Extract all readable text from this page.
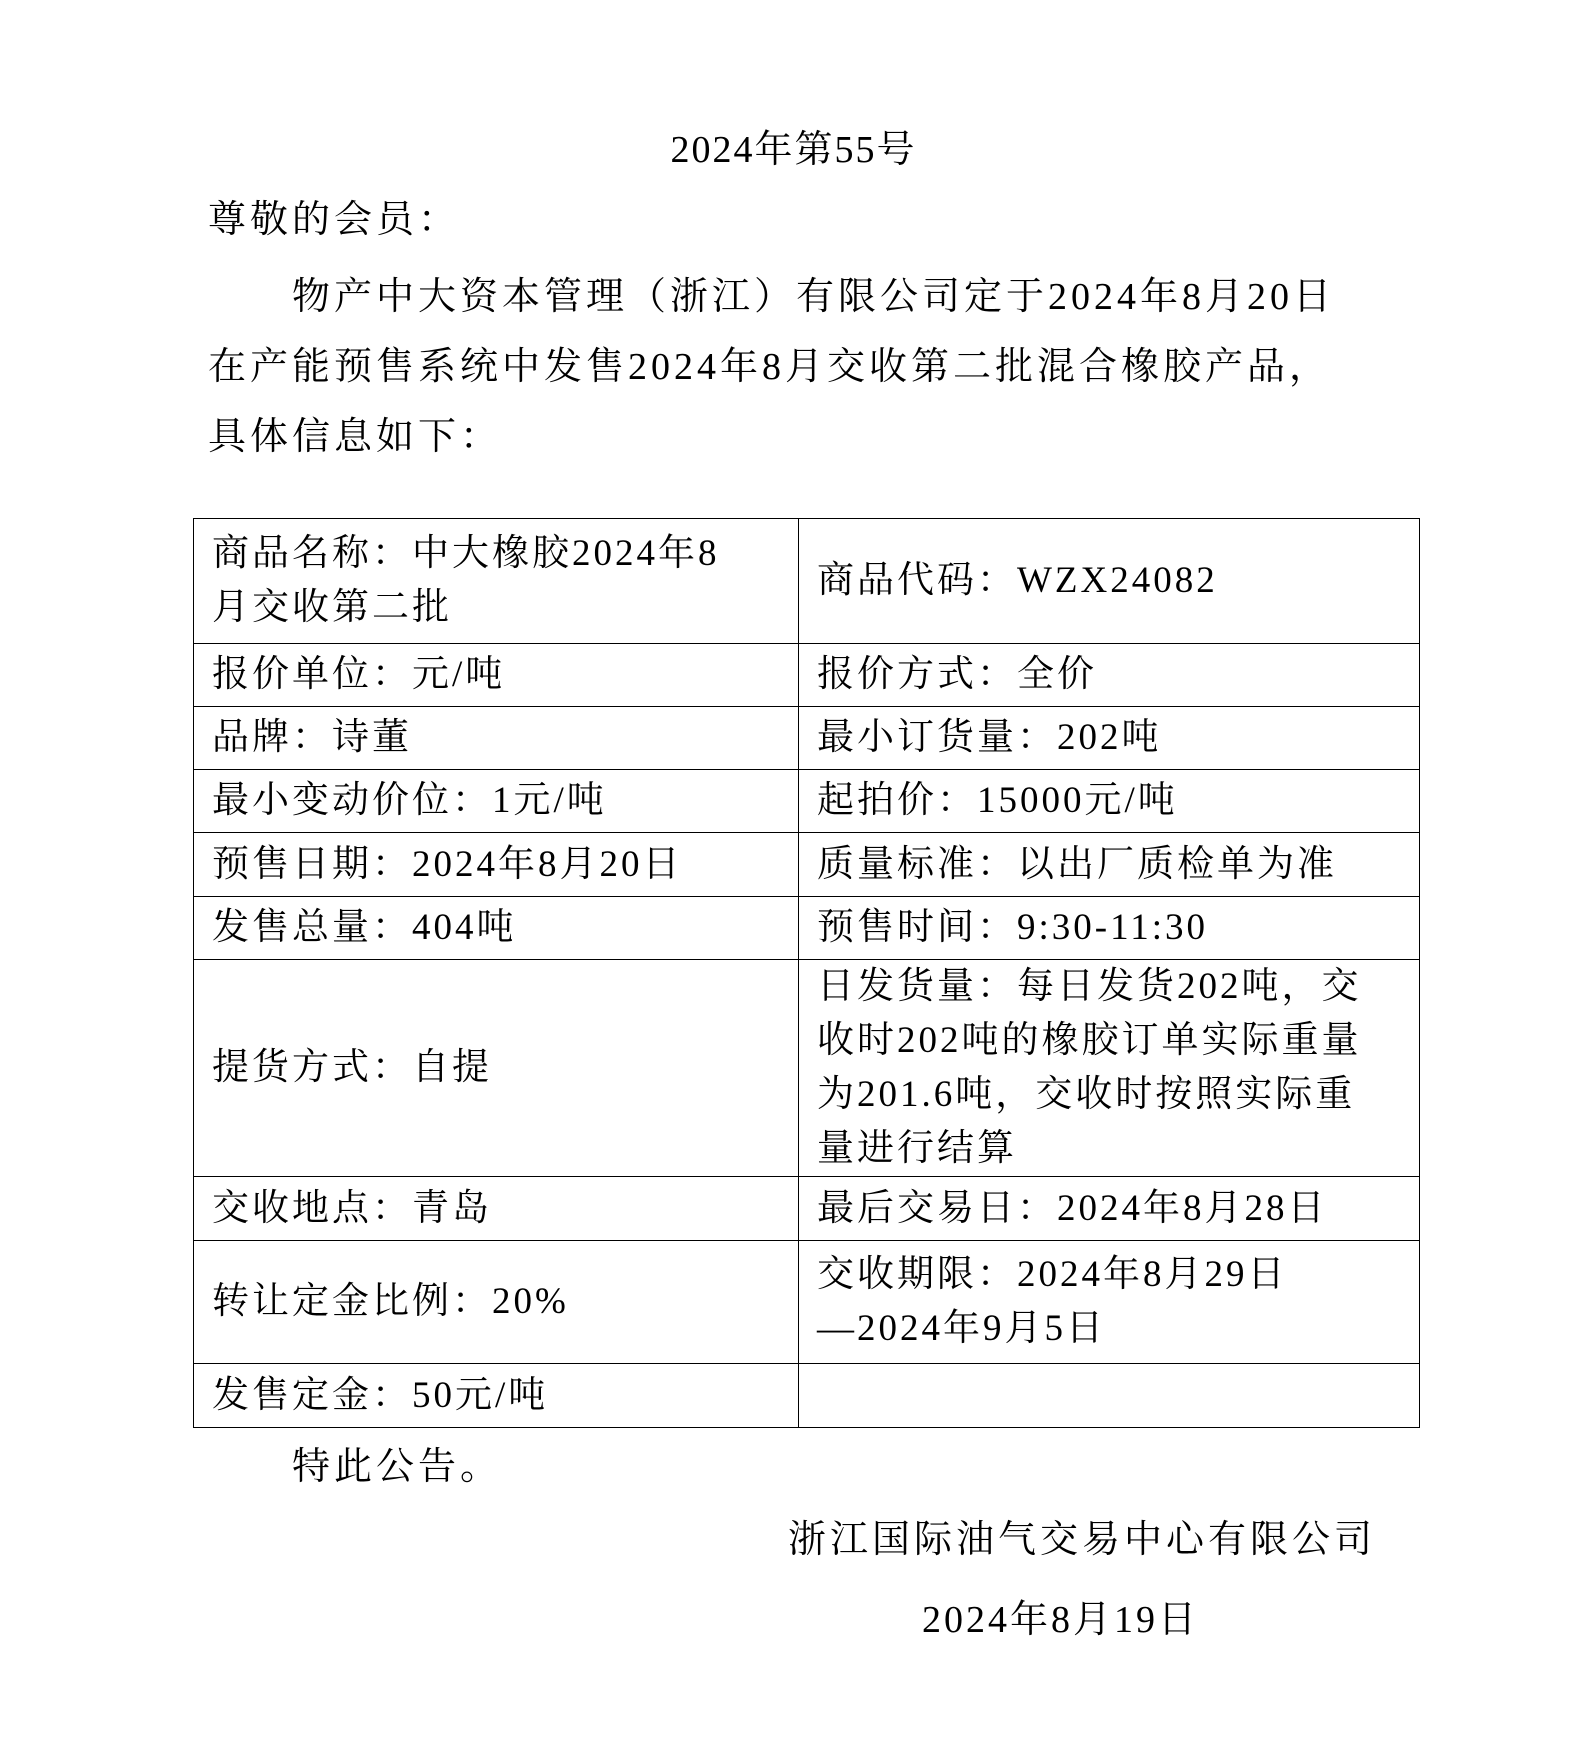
2024年第55号
尊敬的会员：
物产中大资本管理（浙江）有限公司定于2024年8月20日
在产能预售系统中发售2024年8月交收第二批混合橡胶产品，
具体信息如下：
商品名称：中大橡胶2024年8
月交收第二批	商品代码：WZX24082

报价单位：元/吨	报价方式：全价

品牌：诗董	最小订货量：202吨

最小变动价位：1元/吨	起拍价：15000元/吨

预售日期：2024年8月20日	质量标准：以出厂质检单为准

发售总量：404吨	预售时间：9:30-11:30

提货方式：自提	日发货量：每日发货202吨，交
收时202吨的橡胶订单实际重量
为201.6吨，交收时按照实际重
量进行结算

交收地点：青岛	最后交易日：2024年8月28日

转让定金比例：20%	交收期限：2024年8月29日
—2024年9月5日

发售定金：50元/吨	

特此公告。
浙江国际油气交易中心有限公司
2024年8月19日
